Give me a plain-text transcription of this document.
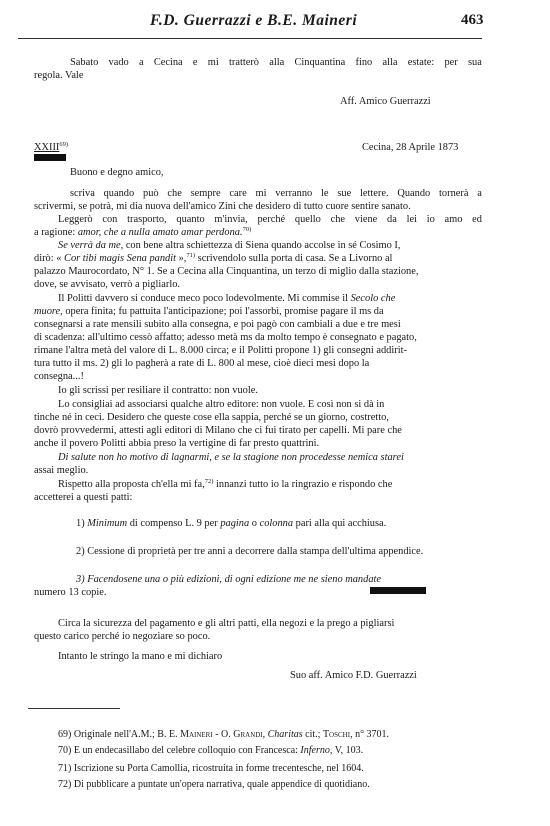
F.D. Guerrazzi e B.E. Maineri	463
Sabato vado a Cecina e mi tratterò alla Cinquantina fino alla estate: per sua
regola. Vale
Aff. Amico Guerrazzi
XXIII$^{69)}$	Cecina, 28 Aprile 1873
Buono e degno amico,
scriva quando può che sempre care mi verranno le sue lettere. Quando tornerà a
scrivermi, se potrà, mi dia nuova dell'amico Zini che desidero di tutto cuore sentire sanato.
Leggerò con trasporto, quanto m'invia, perché quello che viene da lei io amo ed
a ragione: amor, che a nulla amato amar perdona.$^{70)}$
Se verrà da me, con bene altra schiettezza di Siena quando accolse in sé Cosimo I,
dirò: « Cor tibi magis Sena pandit »,$^{71)}$ scrivendolo sulla porta di casa. Se a Livorno al
palazzo Maurocordato, N° 1. Se a Cecina alla Cinquantina, un terzo di miglio dalla stazione,
dove, se avvisato, verrò a pigliarlo.
Il Politti davvero si conduce meco poco lodevolmente. Mi commise il Secolo che
muore, opera finita; fu pattuita l'anticipazione; poi l'assorbì, promise pagare il ms da
consegnarsi a rate mensili subito alla consegna, e poi pagò con cambiali a due e tre mesi
di scadenza: all'ultimo cessò affatto; adesso metà ms da molto tempo è consegnato e pagato,
rimane l'altra metà del valore di L. 8.000 circa; e il Politti propone 1) gli consegni addirit-
tura tutto il ms. 2) gli lo pagherà a rate di L. 800 al mese, cioè dieci mesi dopo la
consegna...!
Io gli scrissi per resiliare il contratto: non vuole.
Lo consigliai ad associarsi qualche altro editore: non vuole. E così non si dà in
tinche né in ceci. Desidero che queste cose ella sappia, perché se un giorno, costretto,
dovrò provvedermi, attesti agli editori di Milano che ci fui tirato per capelli. Mi pare che
anche il povero Politti abbia preso la vertigine di far presto quattrini.
Di salute non ho motivo di lagnarmi, e se la stagione non procedesse nemica starei
assai meglio.
Rispetto alla proposta ch'ella mi fa,$^{72)}$ innanzi tutto io la ringrazio e rispondo che
accetterei a questi patti:
1) Minimum di compenso L. 9 per pagina o colonna pari alla qui acchiusa.
2) Cessione di proprietà per tre anni a decorrere dalla stampa dell'ultima appendice.
3) Facendosene una o più edizioni, di ogni edizione me ne sieno mandate
numero 13 copie.
Circa la sicurezza del pagamento e gli altri patti, ella negozi e la prego a pigliarsi
questo carico perché io negoziare so poco.
Intanto le stringo la mano e mi dichiaro
Suo aff. Amico F.D. Guerrazzi
69) Originale nell'A.M.; B. E. Maineri - O. Grandi, Charitas cit.; Toschi, n° 3701.
70) E un endecasillabo del celebre colloquio con Francesca: Inferno, V, 103.
71) Iscrizione su Porta Camollia, ricostruita in forme trecentesche, nel 1604.
72) Di pubblicare a puntate un'opera narrativa, quale appendice di quotidiano.
